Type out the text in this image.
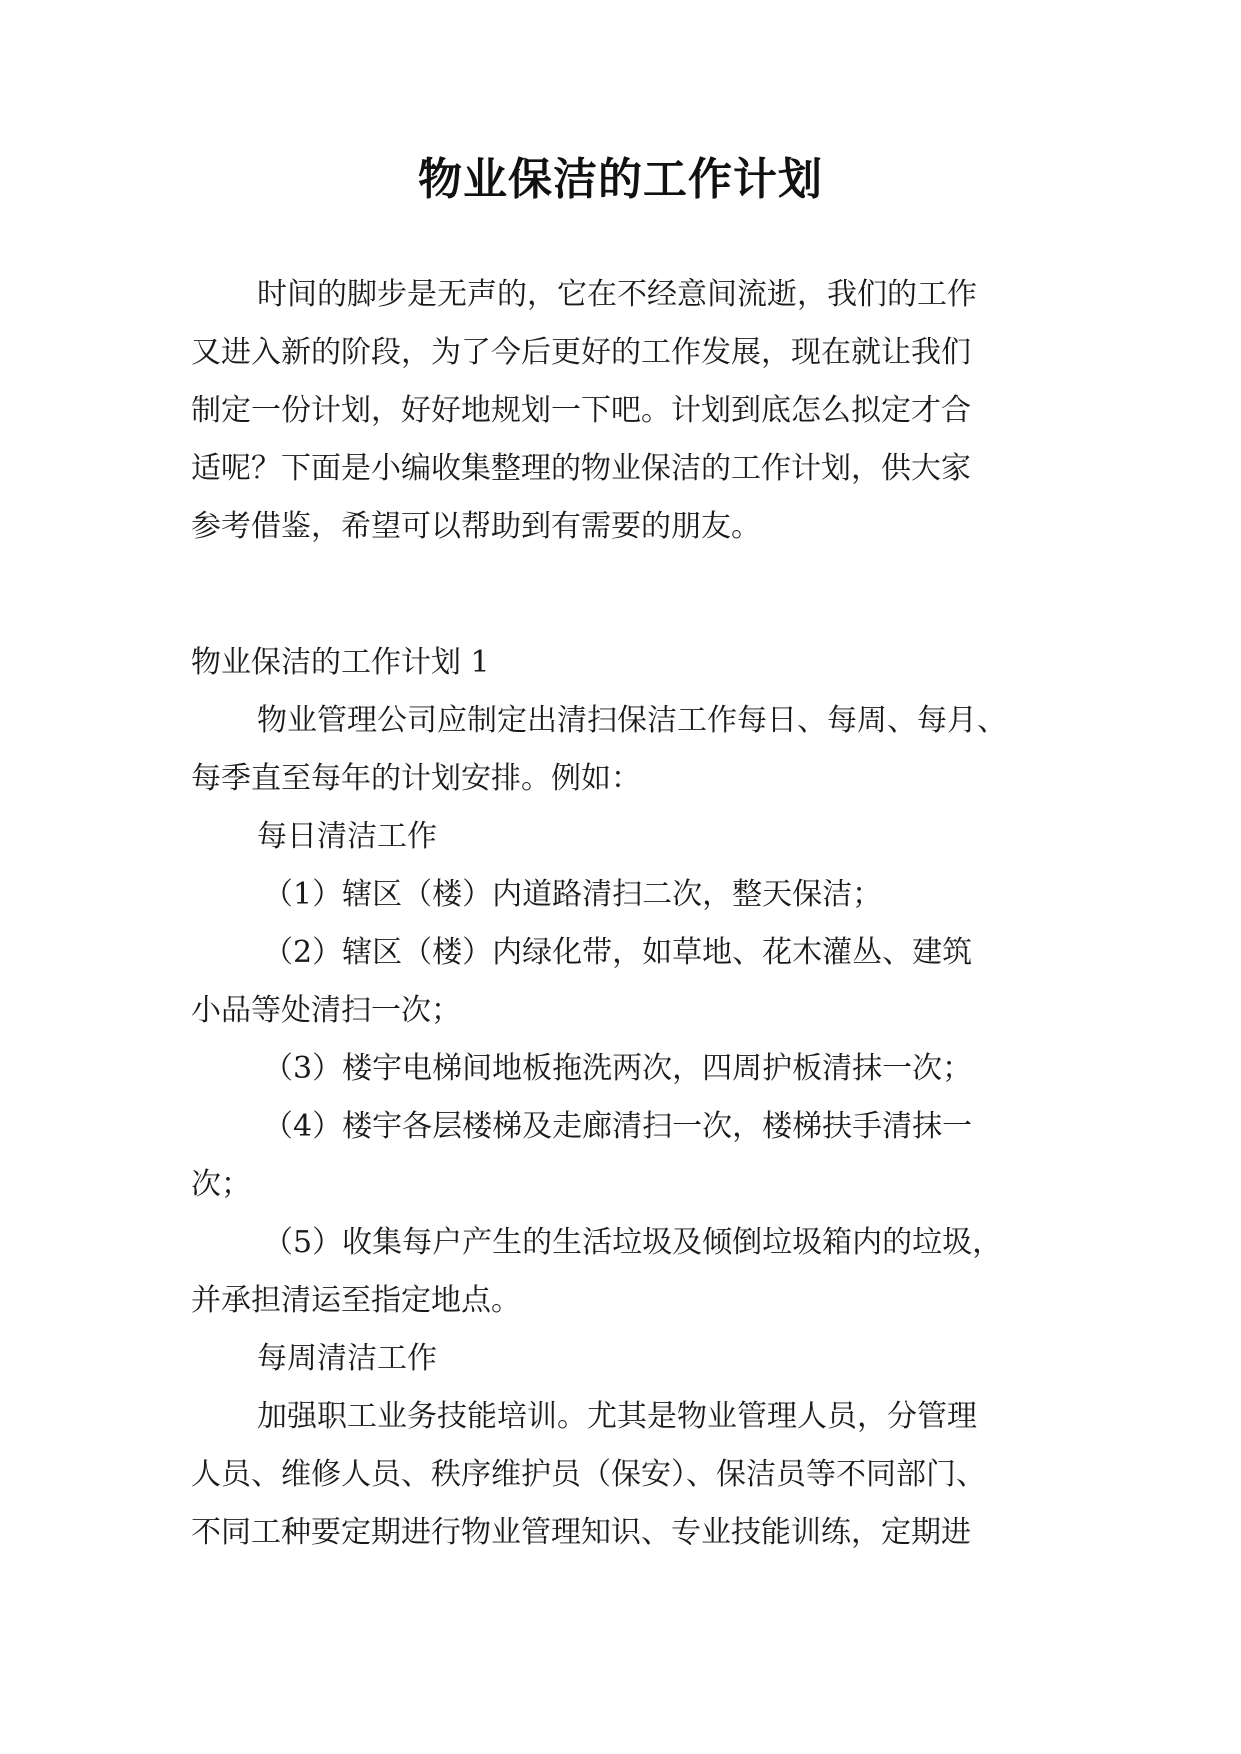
物业保洁的工作计划
时间的脚步是无声的，它在不经意间流逝，我们的工作
又进入新的阶段，为了今后更好的工作发展，现在就让我们
制定一份计划，好好地规划一下吧。计划到底怎么拟定才合
适呢？下面是小编收集整理的物业保洁的工作计划，供大家
参考借鉴，希望可以帮助到有需要的朋友。
物业保洁的工作计划 1
物业管理公司应制定出清扫保洁工作每日、每周、每月、
每季直至每年的计划安排。例如：
每日清洁工作
（1）辖区（楼）内道路清扫二次，整天保洁；
（2）辖区（楼）内绿化带，如草地、花木灌丛、建筑
小品等处清扫一次；
（3）楼宇电梯间地板拖洗两次，四周护板清抹一次；
（4）楼宇各层楼梯及走廊清扫一次，楼梯扶手清抹一
次；
（5）收集每户产生的生活垃圾及倾倒垃圾箱内的垃圾，
并承担清运至指定地点。
每周清洁工作
加强职工业务技能培训。尤其是物业管理人员，分管理
人员、维修人员、秩序维护员（保安）、保洁员等不同部门、
不同工种要定期进行物业管理知识、专业技能训练，定期进
